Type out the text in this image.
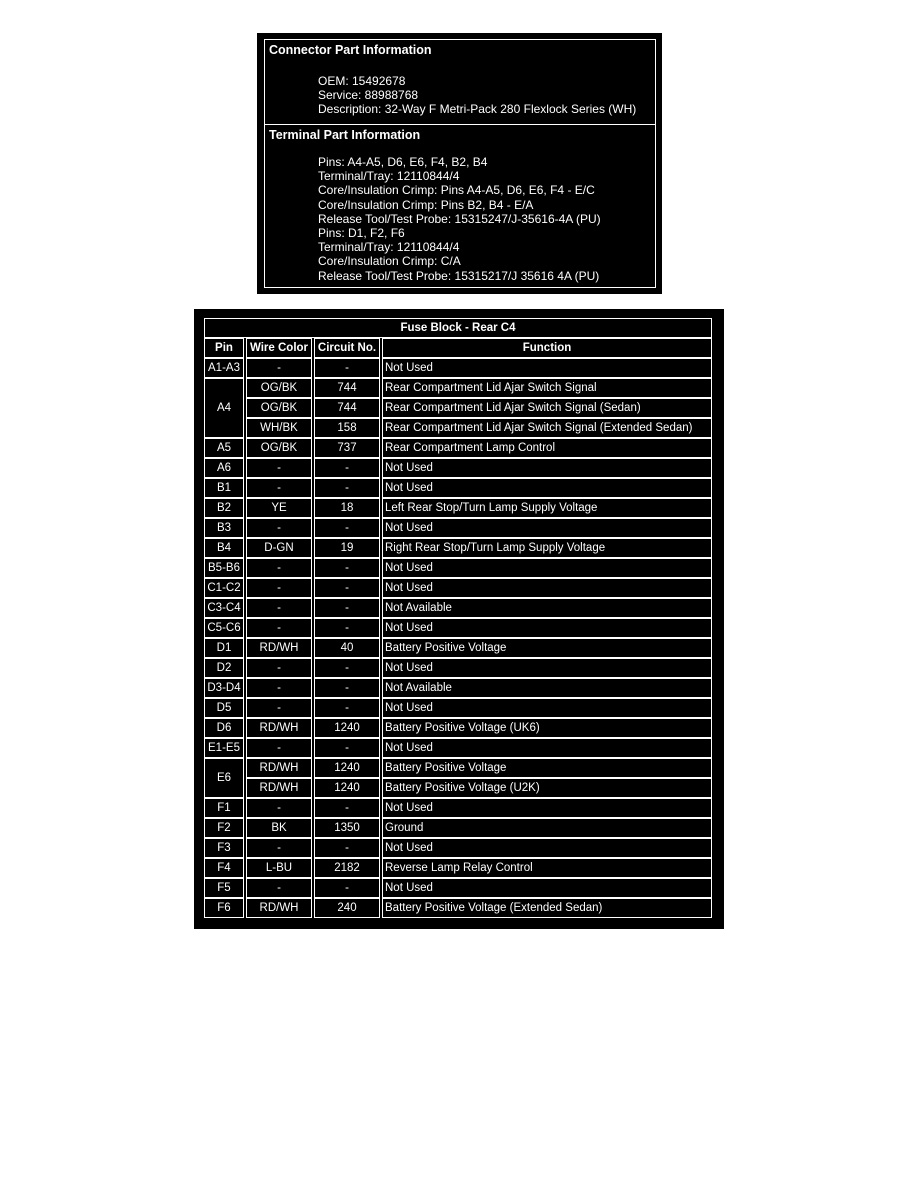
Connector Part Information
OEM: 15492678
Service: 88988768
Description: 32-Way F Metri-Pack 280 Flexlock Series (WH)
Terminal Part Information
Pins: A4-A5, D6, E6, F4, B2, B4
Terminal/Tray: 12110844/4
Core/Insulation Crimp: Pins A4-A5, D6, E6, F4 - E/C
Core/Insulation Crimp: Pins B2, B4 - E/A
Release Tool/Test Probe: 15315247/J-35616-4A (PU)
Pins: D1, F2, F6
Terminal/Tray: 12110844/4
Core/Insulation Crimp: C/A
Release Tool/Test Probe: 15315217/J 35616 4A (PU)
Fuse Block - Rear C4			
Pin	Wire Color	Circuit No.	Function
A1-A3	-	-	Not Used
A4	OG/BK	744	Rear Compartment Lid Ajar Switch Signal
	OG/BK	744	Rear Compartment Lid Ajar Switch Signal (Sedan)
	WH/BK	158	Rear Compartment Lid Ajar Switch Signal (Extended Sedan)
A5	OG/BK	737	Rear Compartment Lamp Control
A6	-	-	Not Used
B1	-	-	Not Used
B2	YE	18	Left Rear Stop/Turn Lamp Supply Voltage
B3	-	-	Not Used
B4	D-GN	19	Right Rear Stop/Turn Lamp Supply Voltage
B5-B6	-	-	Not Used
C1-C2	-	-	Not Used
C3-C4	-	-	Not Available
C5-C6	-	-	Not Used
D1	RD/WH	40	Battery Positive Voltage
D2	-	-	Not Used
D3-D4	-	-	Not Available
D5	-	-	Not Used
D6	RD/WH	1240	Battery Positive Voltage (UK6)
E1-E5	-	-	Not Used
E6	RD/WH	1240	Battery Positive Voltage
	RD/WH	1240	Battery Positive Voltage (U2K)
F1	-	-	Not Used
F2	BK	1350	Ground
F3	-	-	Not Used
F4	L-BU	2182	Reverse Lamp Relay Control
F5	-	-	Not Used
F6	RD/WH	240	Battery Positive Voltage (Extended Sedan)
